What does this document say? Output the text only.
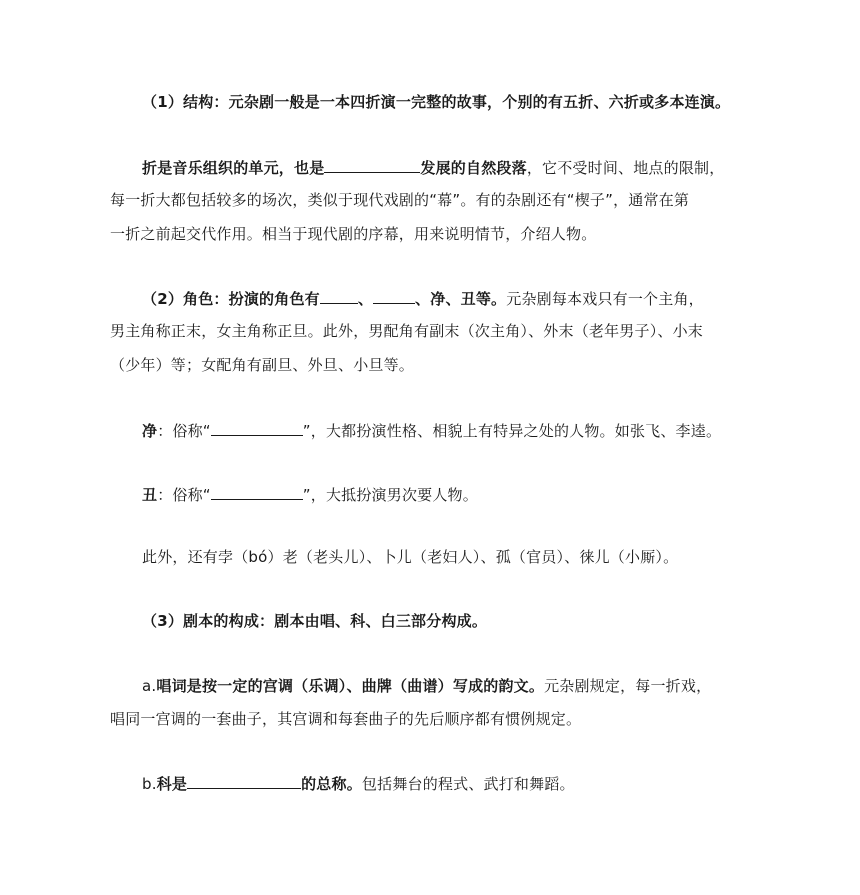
（1）结构：元杂剧一般是一本四折演一完整的故事，个别的有五折、六折或多本连演。
折是音乐组织的单元，也是	发展的自然段落，它不受时间、地点的限制，
每一折大都包括较多的场次，类似于现代戏剧的“幕”。有的杂剧还有“楔子”，通常在第
一折之前起交代作用。相当于现代剧的序幕，用来说明情节，介绍人物。
（2）角色：扮演的角色有	、	、净、丑等。元杂剧每本戏只有一个主角，
男主角称正末，女主角称正旦。此外，男配角有副末（次主角）、外末（老年男子）、小末
（少年）等；女配角有副旦、外旦、小旦等。
净：俗称“	”，大都扮演性格、相貌上有特异之处的人物。如张飞、李逵。
丑：俗称“	”，大抵扮演男次要人物。
此外，还有孛（bó）老（老头儿）、卜儿（老妇人）、孤（官员）、徕儿（小厮）。
（3）剧本的构成：剧本由唱、科、白三部分构成。
a.唱词是按一定的宫调（乐调）、曲牌（曲谱）写成的韵文。元杂剧规定，每一折戏，
唱同一宫调的一套曲子，其宫调和每套曲子的先后顺序都有惯例规定。
b.科是	的总称。包括舞台的程式、武打和舞蹈。
